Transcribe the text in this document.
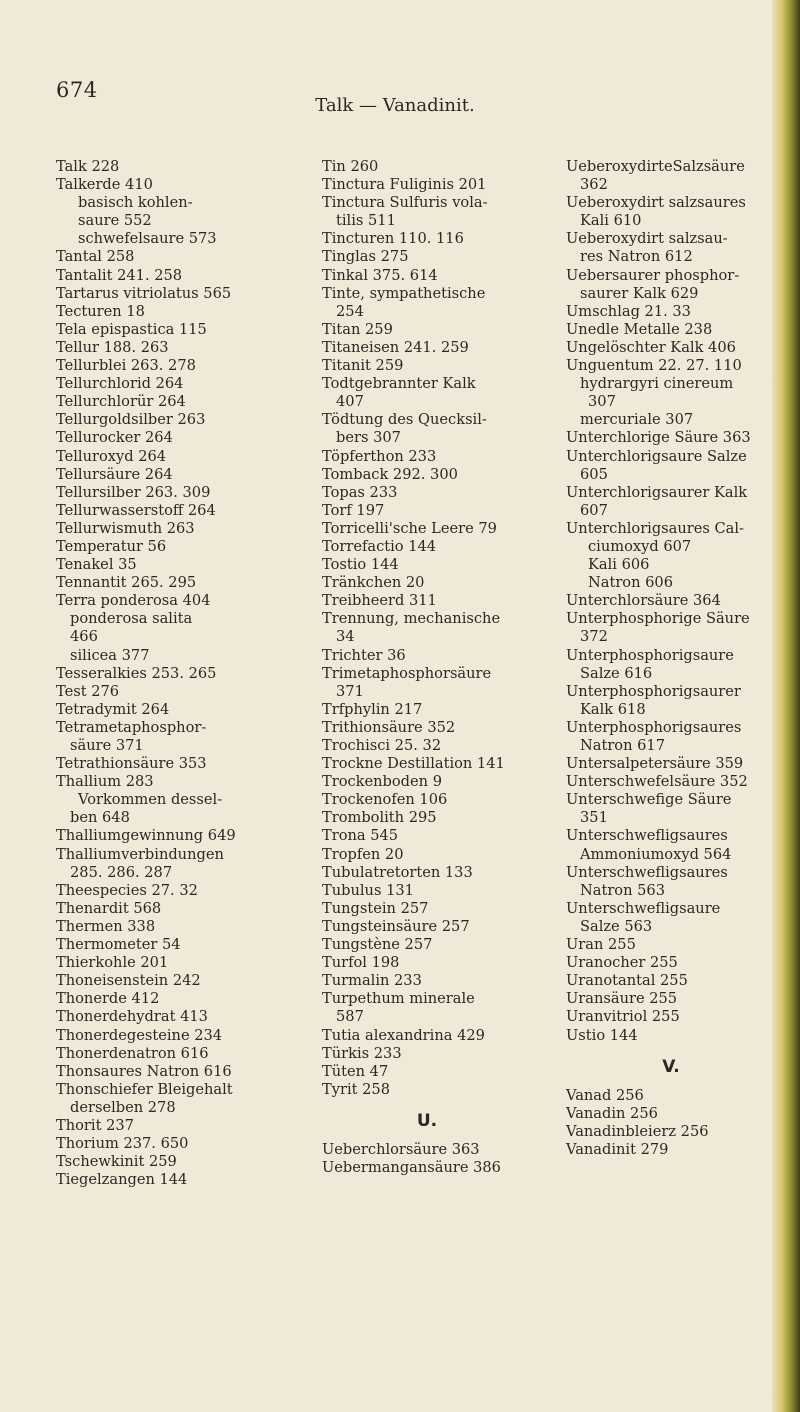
674
Talk — Vanadinit.
Talk 228
Talkerde 410
basisch kohlen-
saure 552
schwefelsaure 573
Tantal 258
Tantalit 241. 258
Tartarus vitriolatus 565
Tecturen 18
Tela epispastica 115
Tellur 188. 263
Tellurblei 263. 278
Tellurchlorid 264
Tellurchlorür 264
Tellurgoldsilber 263
Tellurocker 264
Telluroxyd 264
Tellursäure 264
Tellursilber 263. 309
Tellurwasserstoff 264
Tellurwismuth 263
Temperatur 56
Tenakel 35
Tennantit 265. 295
Terra ponderosa 404
ponderosa salita
466
silicea 377
Tesseralkies 253. 265
Test 276
Tetradymit 264
Tetrametaphosphor-
säure 371
Tetrathionsäure 353
Thallium 283
Vorkommen dessel-
ben 648
Thalliumgewinnung 649
Thalliumverbindungen
285. 286. 287
Theespecies 27. 32
Thenardit 568
Thermen 338
Thermometer 54
Thierkohle 201
Thoneisenstein 242
Thonerde 412
Thonerdehydrat 413
Thonerdegesteine 234
Thonerdenatron 616
Thonsaures Natron 616
Thonschiefer Bleigehalt
derselben 278
Thorit 237
Thorium 237. 650
Tschewkinit 259
Tiegelzangen 144
Tin 260
Tinctura Fuliginis 201
Tinctura Sulfuris vola-
tilis 511
Tincturen 110. 116
Tinglas 275
Tinkal 375. 614
Tinte, sympathetische
254
Titan 259
Titaneisen 241. 259
Titanit 259
Todtgebrannter Kalk
407
Tödtung des Quecksil-
bers 307
Töpferthon 233
Tomback 292. 300
Topas 233
Torf 197
Torricelli'sche Leere 79
Torrefactio 144
Tostio 144
Tränkchen 20
Treibheerd 311
Trennung, mechanische
34
Trichter 36
Trimetaphosphorsäure
371
Trfphylin 217
Trithionsäure 352
Trochisci 25. 32
Trockne Destillation 141
Trockenboden 9
Trockenofen 106
Trombolith 295
Trona 545
Tropfen 20
Tubulatretorten 133
Tubulus 131
Tungstein 257
Tungsteinsäure 257
Tungstène 257
Turfol 198
Turmalin 233
Turpethum minerale
587
Tutia alexandrina 429
Türkis 233
Tüten 47
Tyrit 258
U.
Ueberchlorsäure 363
Uebermangansäure 386
UeberoxydirteSalzsäure
362
Ueberoxydirt salzsaures
Kali 610
Ueberoxydirt salzsau-
res Natron 612
Uebersaurer phosphor-
saurer Kalk 629
Umschlag 21. 33
Unedle Metalle 238
Ungelöschter Kalk 406
Unguentum 22. 27. 110
hydrargyri cinereum
307
mercuriale 307
Unterchlorige Säure 363
Unterchlorigsaure Salze
605
Unterchlorigsaurer Kalk
607
Unterchlorigsaures Cal-
ciumoxyd 607
Kali 606
Natron 606
Unterchlorsäure 364
Unterphosphorige Säure
372
Unterphosphorigsaure
Salze 616
Unterphosphorigsaurer
Kalk 618
Unterphosphorigsaures
Natron 617
Untersalpetersäure 359
Unterschwefelsäure 352
Unterschwefige Säure
351
Unterschwefligsaures
Ammoniumoxyd 564
Unterschwefligsaures
Natron 563
Unterschwefligsaure
Salze 563
Uran 255
Uranocher 255
Uranotantal 255
Uransäure 255
Uranvitriol 255
Ustio 144
V.
Vanad 256
Vanadin 256
Vanadinbleierz 256
Vanadinit 279
